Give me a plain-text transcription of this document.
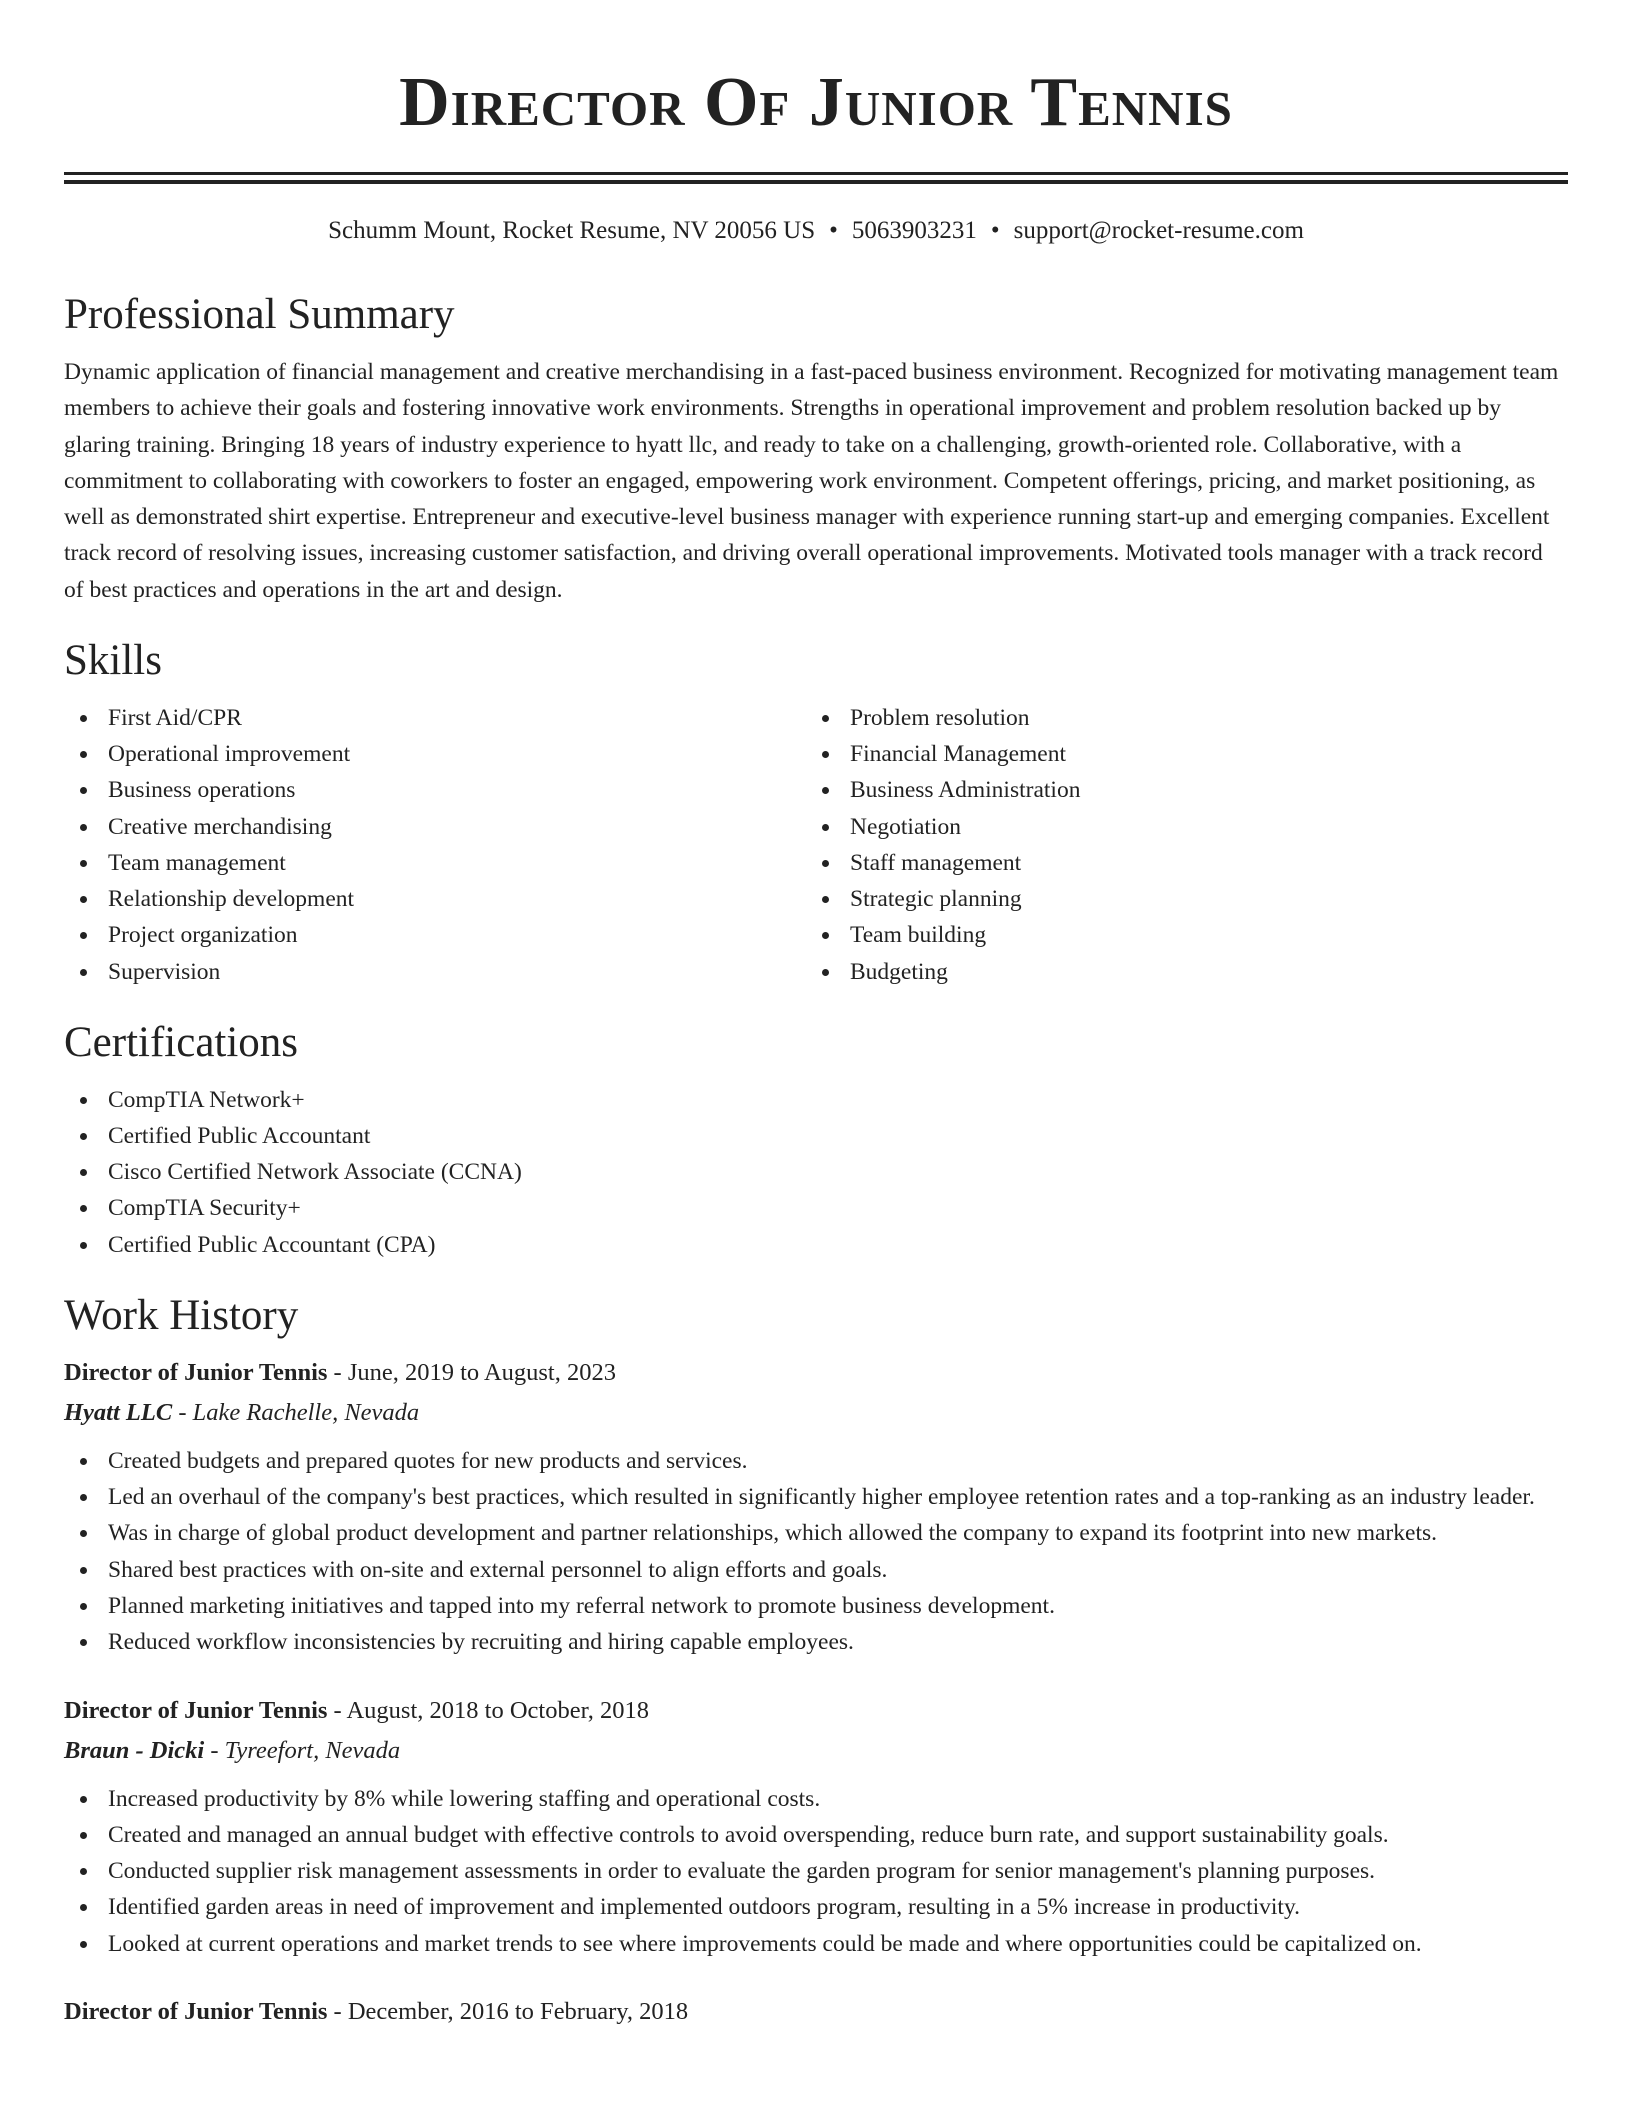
Director Of Junior Tennis
Schumm Mount, Rocket Resume, NV 20056 US • 5063903231 • support@rocket-resume.com
Professional Summary
Dynamic application of financial management and creative merchandising in a fast-paced business environment. Recognized for motivating management team members to achieve their goals and fostering innovative work environments. Strengths in operational improvement and problem resolution backed up by glaring training. Bringing 18 years of industry experience to hyatt llc, and ready to take on a challenging, growth-oriented role. Collaborative, with a commitment to collaborating with coworkers to foster an engaged, empowering work environment. Competent offerings, pricing, and market positioning, as well as demonstrated shirt expertise. Entrepreneur and executive-level business manager with experience running start-up and emerging companies. Excellent track record of resolving issues, increasing customer satisfaction, and driving overall operational improvements. Motivated tools manager with a track record of best practices and operations in the art and design.
Skills
First Aid/CPR
Operational improvement
Business operations
Creative merchandising
Team management
Relationship development
Project organization
Supervision
Problem resolution
Financial Management
Business Administration
Negotiation
Staff management
Strategic planning
Team building
Budgeting
Certifications
CompTIA Network+
Certified Public Accountant
Cisco Certified Network Associate (CCNA)
CompTIA Security+
Certified Public Accountant (CPA)
Work History
Director of Junior Tennis - June, 2019 to August, 2023
Hyatt LLC - Lake Rachelle, Nevada
Created budgets and prepared quotes for new products and services.
Led an overhaul of the company's best practices, which resulted in significantly higher employee retention rates and a top-ranking as an industry leader.
Was in charge of global product development and partner relationships, which allowed the company to expand its footprint into new markets.
Shared best practices with on-site and external personnel to align efforts and goals.
Planned marketing initiatives and tapped into my referral network to promote business development.
Reduced workflow inconsistencies by recruiting and hiring capable employees.
Director of Junior Tennis - August, 2018 to October, 2018
Braun - Dicki - Tyreefort, Nevada
Increased productivity by 8% while lowering staffing and operational costs.
Created and managed an annual budget with effective controls to avoid overspending, reduce burn rate, and support sustainability goals.
Conducted supplier risk management assessments in order to evaluate the garden program for senior management's planning purposes.
Identified garden areas in need of improvement and implemented outdoors program, resulting in a 5% increase in productivity.
Looked at current operations and market trends to see where improvements could be made and where opportunities could be capitalized on.
Director of Junior Tennis - December, 2016 to February, 2018
